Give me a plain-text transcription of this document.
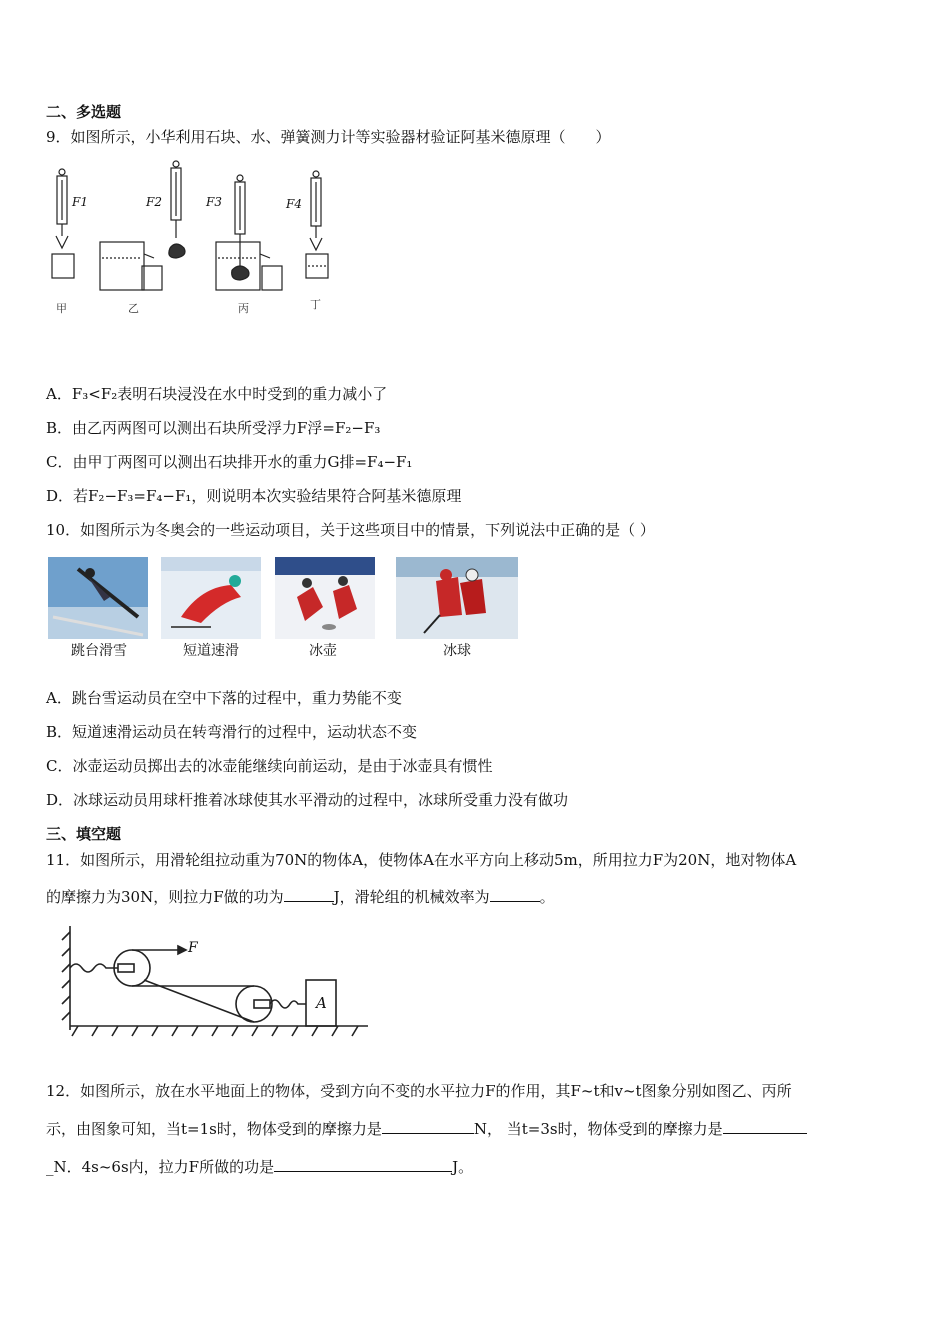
二、多选题
9．如图所示，小华利用石块、水、弹簧测力计等实验器材验证阿基米德原理（　　）
F1	F2	F3	F4
甲	乙	丙	丁
A．F₃<F₂表明石块浸没在水中时受到的重力减小了
B．由乙丙两图可以测出石块所受浮力F浮=F₂−F₃
C．由甲丁两图可以测出石块排开水的重力G排=F₄−F₁
D．若F₂−F₃=F₄−F₁，则说明本次实验结果符合阿基米德原理
10．如图所示为冬奥会的一些运动项目，关于这些项目中的情景，下列说法中正确的是（ ）
跳台滑雪	短道速滑	冰壶	冰球
A．跳台雪运动员在空中下落的过程中，重力势能不变
B．短道速滑运动员在转弯滑行的过程中，运动状态不变
C．冰壶运动员掷出去的冰壶能继续向前运动，是由于冰壶具有惯性
D．冰球运动员用球杆推着冰球使其水平滑动的过程中，冰球所受重力没有做功
三、填空题
11．如图所示，用滑轮组拉动重为70N的物体A，使物体A在水平方向上移动5m，所用拉力F为20N，地对物体A
的摩擦力为30N，则拉力F做的功为	J，滑轮组的机械效率为	。
F
A
12．如图所示，放在水平地面上的物体，受到方向不变的水平拉力F的作用，其F~t和v~t图象分别如图乙、丙所
示，由图象可知，当t=1s时，物体受到的摩擦力是	N， 当t=3s时，物体受到的摩擦力是
_N．4s~6s内，拉力F所做的功是	J。
